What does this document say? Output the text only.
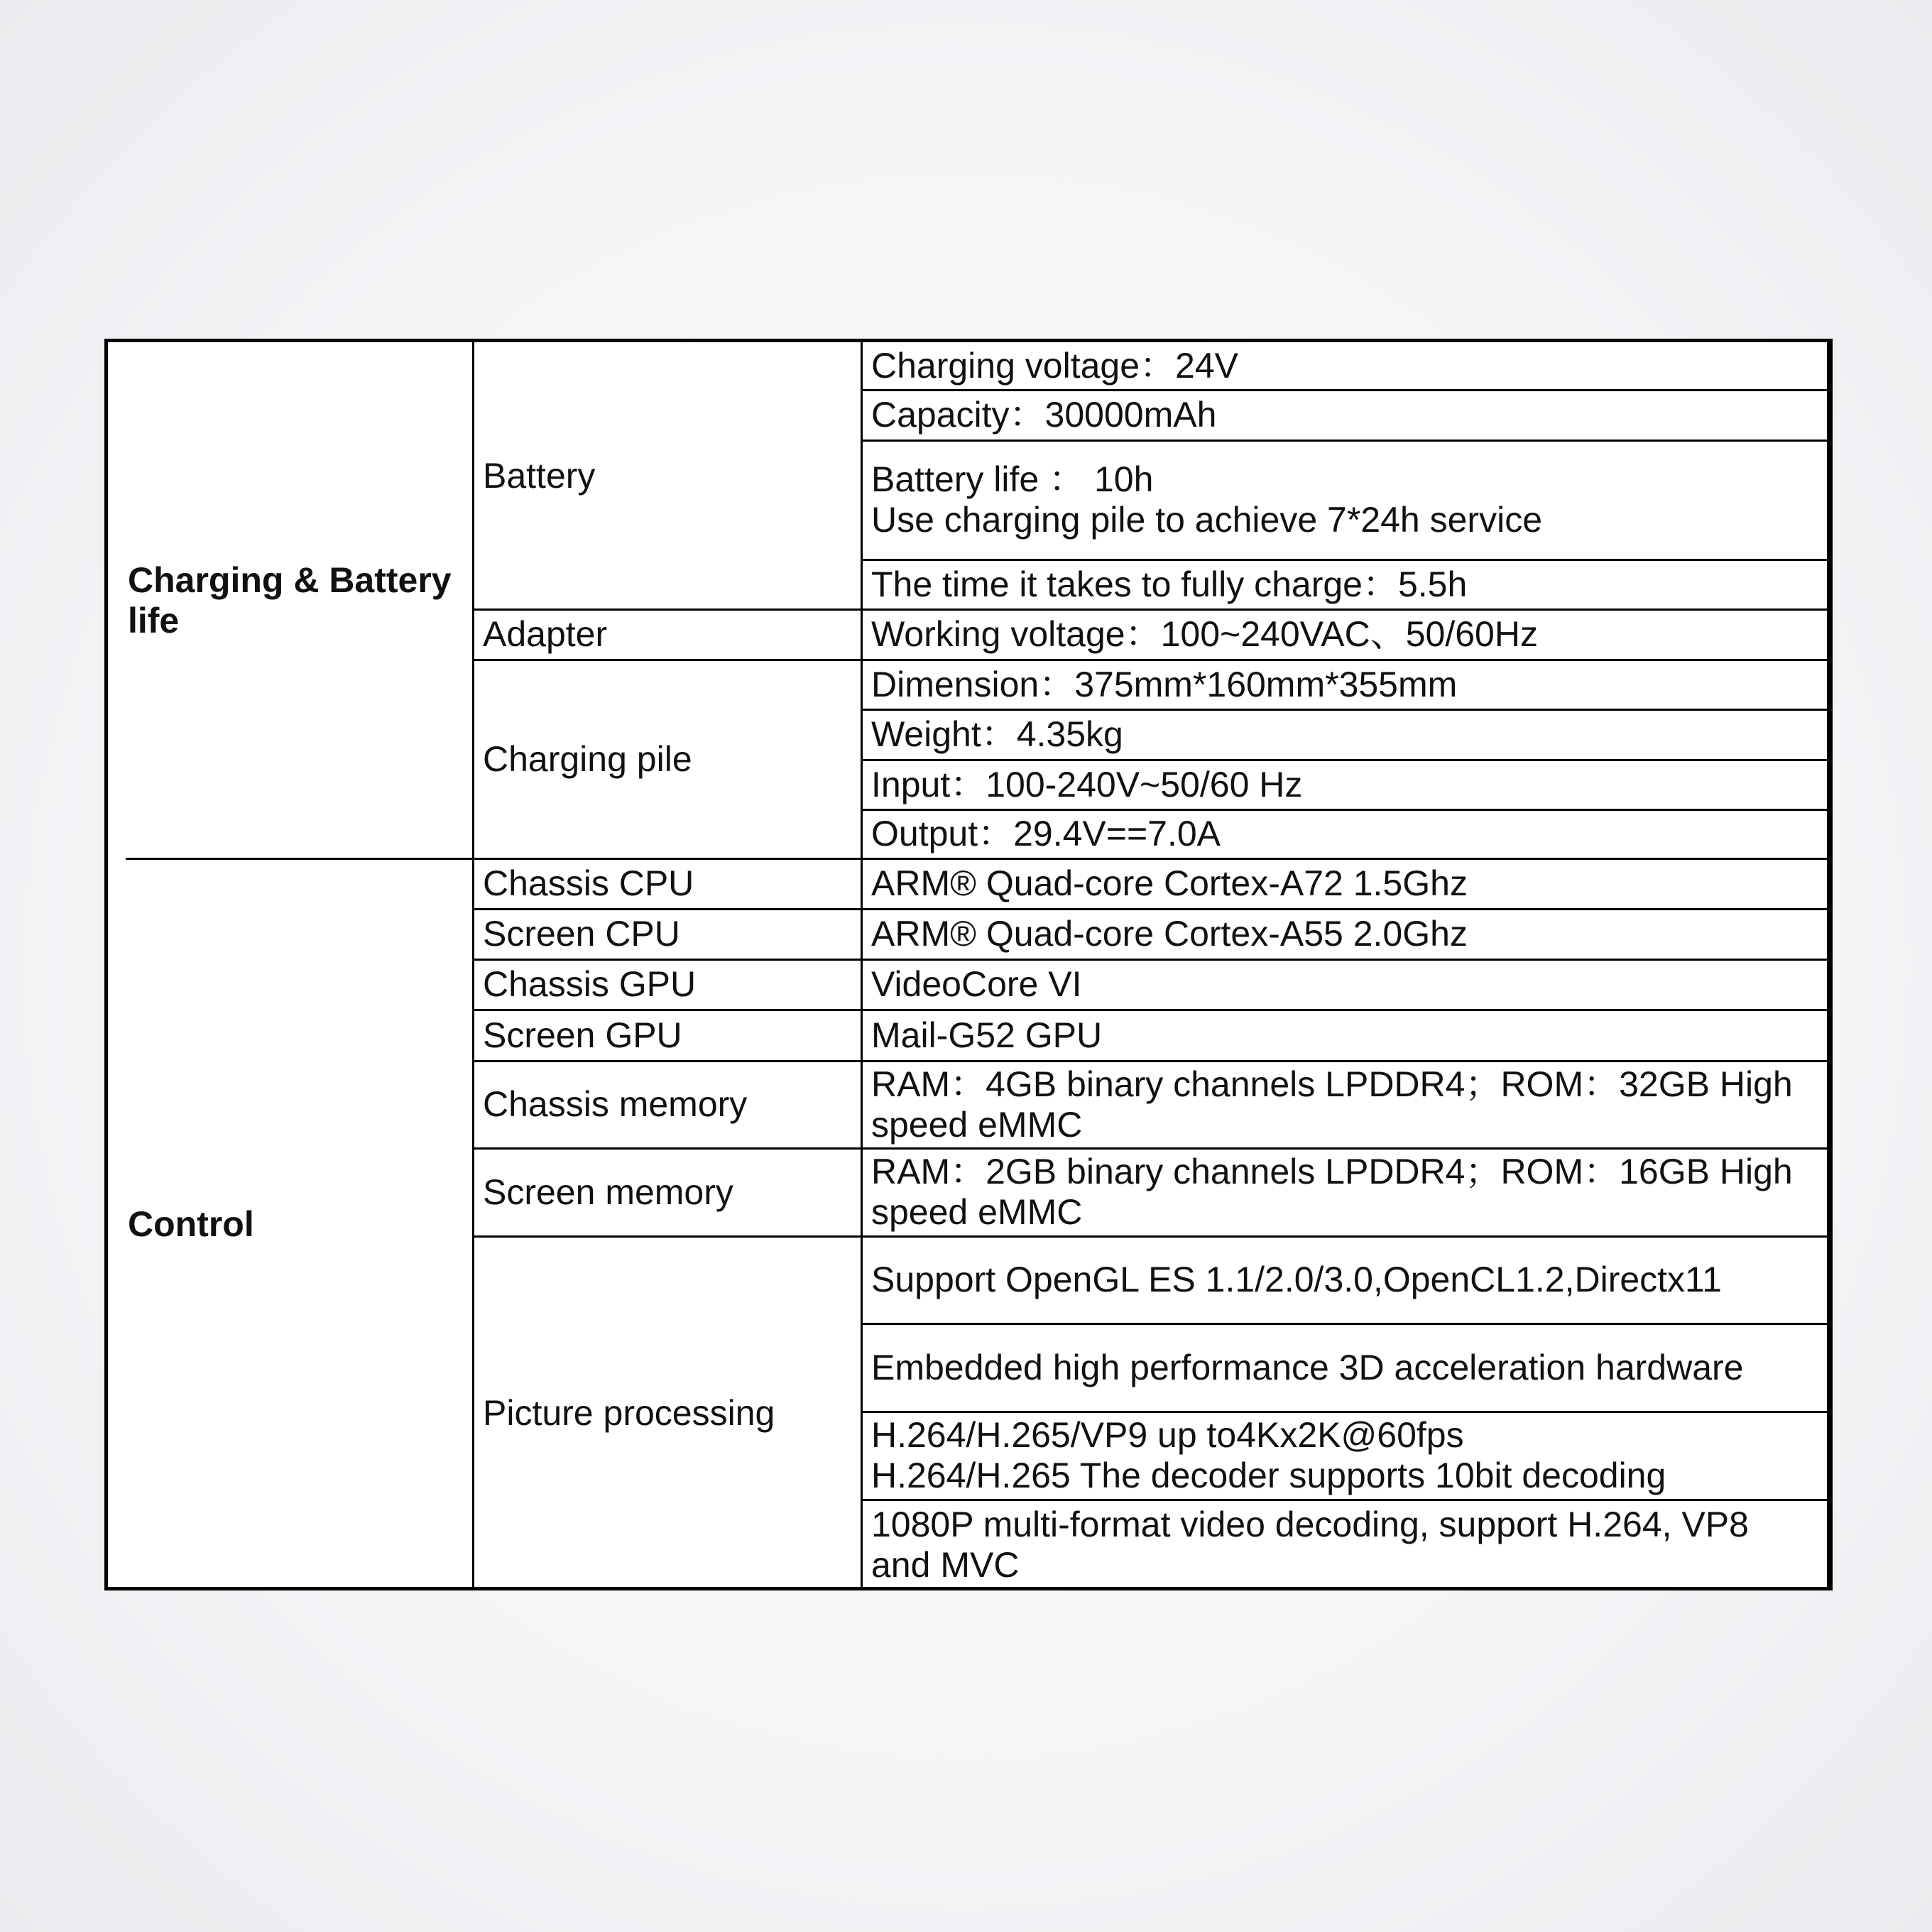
Charging & Battery
life
Control
Battery
Adapter
Charging pile
Chassis CPU
Screen CPU
Chassis GPU
Screen GPU
Chassis memory
Screen memory
Picture processing
Charging voltage：24V
Capacity：30000mAh
Battery life ： 10h
Use charging pile to achieve 7*24h service
The time it takes to fully charge：5.5h
Working voltage：100~240VAC、50/60Hz
Dimension：375mm*160mm*355mm
Weight：4.35kg
Input：100-240V~50/60 Hz
Output：29.4V==7.0A
ARM® Quad-core Cortex-A72 1.5Ghz
ARM® Quad-core Cortex-A55 2.0Ghz
VideoCore VI
Mail-G52 GPU
RAM：4GB binary channels LPDDR4；ROM：32GB High
speed eMMC
RAM：2GB binary channels LPDDR4；ROM：16GB High
speed eMMC
Support OpenGL ES 1.1/2.0/3.0,OpenCL1.2,Directx11
Embedded high performance 3D acceleration hardware
H.264/H.265/VP9 up to4Kx2K@60fps
H.264/H.265 The decoder supports 10bit decoding
1080P multi-format video decoding, support H.264, VP8
and MVC
